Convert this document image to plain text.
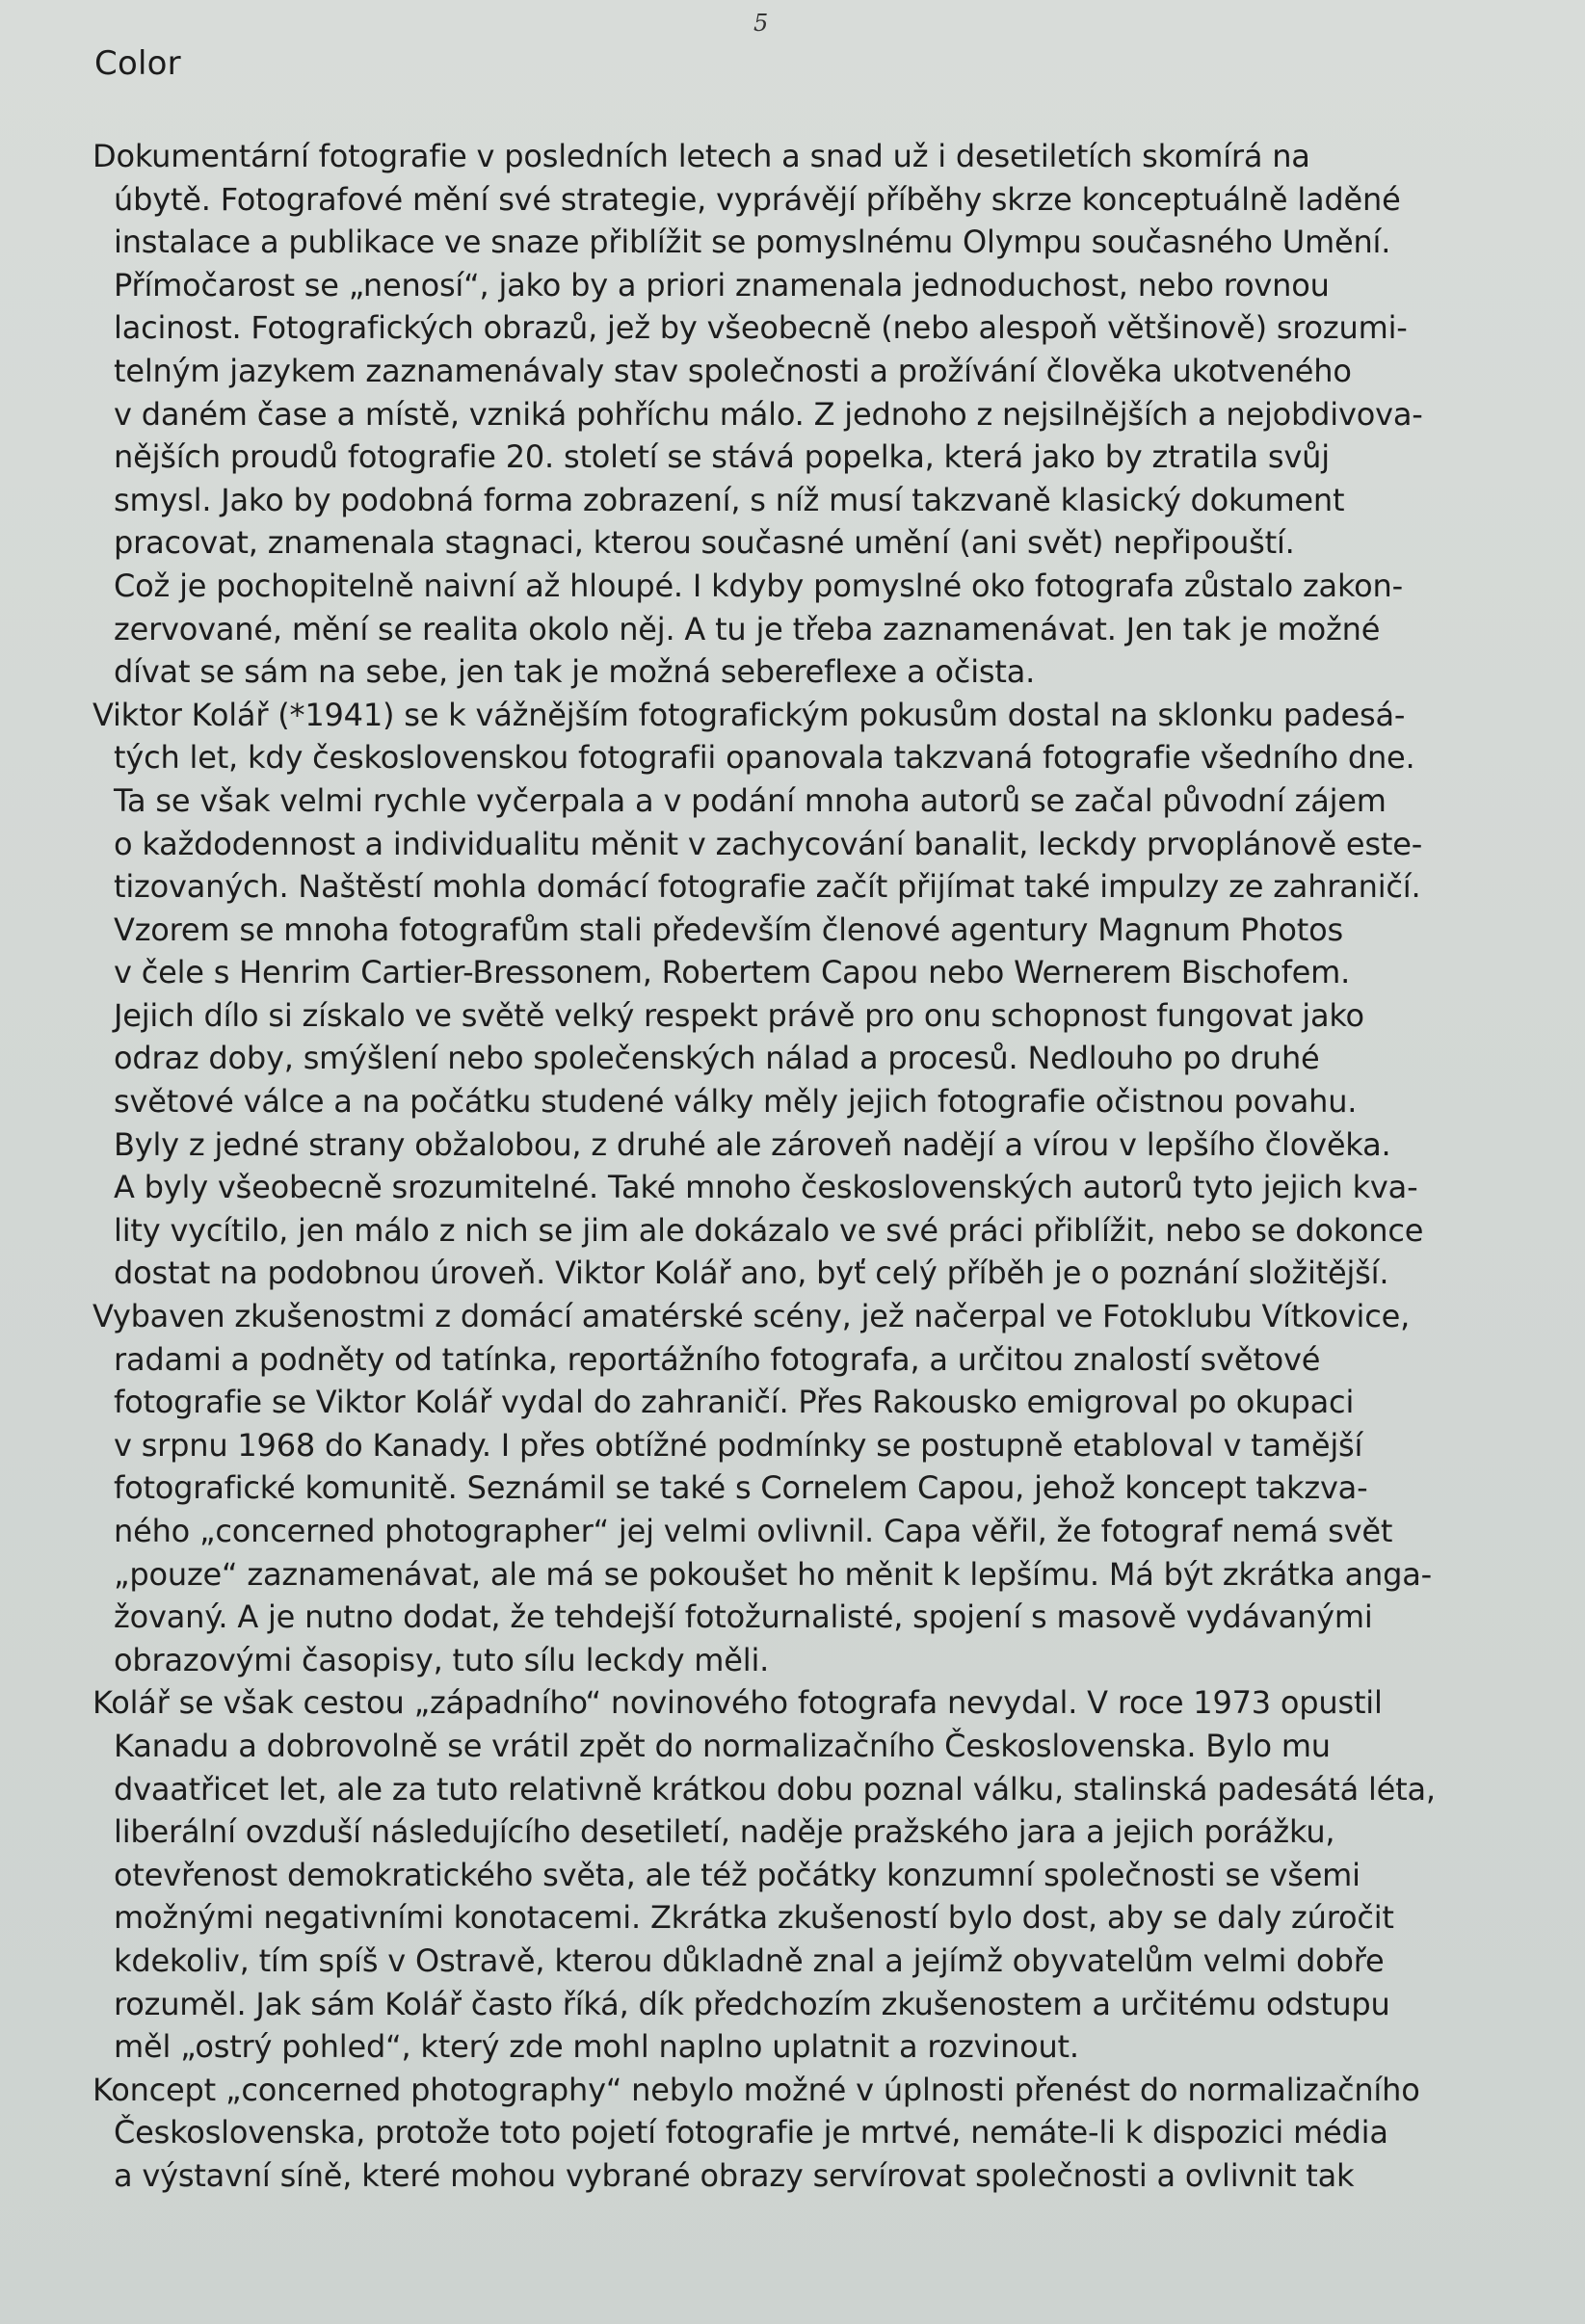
5
Color
Dokumentární fotografie v posledních letech a snad už i desetiletích skomírá na
úbytě. Fotografové mění své strategie, vyprávějí příběhy skrze konceptuálně laděné
instalace a publikace ve snaze přiblížit se pomyslnému Olympu současného Umění.
Přímočarost se „nenosí“, jako by a priori znamenala jednoduchost, nebo rovnou
lacinost. Fotografických obrazů, jež by všeobecně (nebo alespoň většinově) srozumi-
telným jazykem zaznamenávaly stav společnosti a prožívání člověka ukotveného
v daném čase a místě, vzniká pohříchu málo. Z jednoho z nejsilnějších a nejobdivova-
nějších proudů fotografie 20. století se stává popelka, která jako by ztratila svůj
smysl. Jako by podobná forma zobrazení, s níž musí takzvaně klasický dokument
pracovat, znamenala stagnaci, kterou současné umění (ani svět) nepřipouští.
Což je pochopitelně naivní až hloupé. I kdyby pomyslné oko fotografa zůstalo zakon-
zervované, mění se realita okolo něj. A tu je třeba zaznamenávat. Jen tak je možné
dívat se sám na sebe, jen tak je možná sebereflexe a očista.
Viktor Kolář (*1941) se k vážnějším fotografickým pokusům dostal na sklonku padesá-
tých let, kdy československou fotografii opanovala takzvaná fotografie všedního dne.
Ta se však velmi rychle vyčerpala a v podání mnoha autorů se začal původní zájem
o každodennost a individualitu měnit v zachycování banalit, leckdy prvoplánově este-
tizovaných. Naštěstí mohla domácí fotografie začít přijímat také impulzy ze zahraničí.
Vzorem se mnoha fotografům stali především členové agentury Magnum Photos
v čele s Henrim Cartier-Bressonem, Robertem Capou nebo Wernerem Bischofem.
Jejich dílo si získalo ve světě velký respekt právě pro onu schopnost fungovat jako
odraz doby, smýšlení nebo společenských nálad a procesů. Nedlouho po druhé
světové válce a na počátku studené války měly jejich fotografie očistnou povahu.
Byly z jedné strany obžalobou, z druhé ale zároveň nadějí a vírou v lepšího člověka.
A byly všeobecně srozumitelné. Také mnoho československých autorů tyto jejich kva-
lity vycítilo, jen málo z nich se jim ale dokázalo ve své práci přiblížit, nebo se dokonce
dostat na podobnou úroveň. Viktor Kolář ano, byť celý příběh je o poznání složitější.
Vybaven zkušenostmi z domácí amatérské scény, jež načerpal ve Fotoklubu Vítkovice,
radami a podněty od tatínka, reportážního fotografa, a určitou znalostí světové
fotografie se Viktor Kolář vydal do zahraničí. Přes Rakousko emigroval po okupaci
v srpnu 1968 do Kanady. I přes obtížné podmínky se postupně etabloval v tamější
fotografické komunitě. Seznámil se také s Cornelem Capou, jehož koncept takzva-
ného „concerned photographer“ jej velmi ovlivnil. Capa věřil, že fotograf nemá svět
„pouze“ zaznamenávat, ale má se pokoušet ho měnit k lepšímu. Má být zkrátka anga-
žovaný. A je nutno dodat, že tehdejší fotožurnalisté, spojení s masově vydávanými
obrazovými časopisy, tuto sílu leckdy měli.
Kolář se však cestou „západního“ novinového fotografa nevydal. V roce 1973 opustil
Kanadu a dobrovolně se vrátil zpět do normalizačního Československa. Bylo mu
dvaatřicet let, ale za tuto relativně krátkou dobu poznal válku, stalinská padesátá léta,
liberální ovzduší následujícího desetiletí, naděje pražského jara a jejich porážku,
otevřenost demokratického světa, ale též počátky konzumní společnosti se všemi
možnými negativními konotacemi. Zkrátka zkušeností bylo dost, aby se daly zúročit
kdekoliv, tím spíš v Ostravě, kterou důkladně znal a jejímž obyvatelům velmi dobře
rozuměl. Jak sám Kolář často říká, dík předchozím zkušenostem a určitému odstupu
měl „ostrý pohled“, který zde mohl naplno uplatnit a rozvinout.
Koncept „concerned photography“ nebylo možné v úplnosti přenést do normalizačního
Československa, protože toto pojetí fotografie je mrtvé, nemáte-li k dispozici média
a výstavní síně, které mohou vybrané obrazy servírovat společnosti a ovlivnit tak
